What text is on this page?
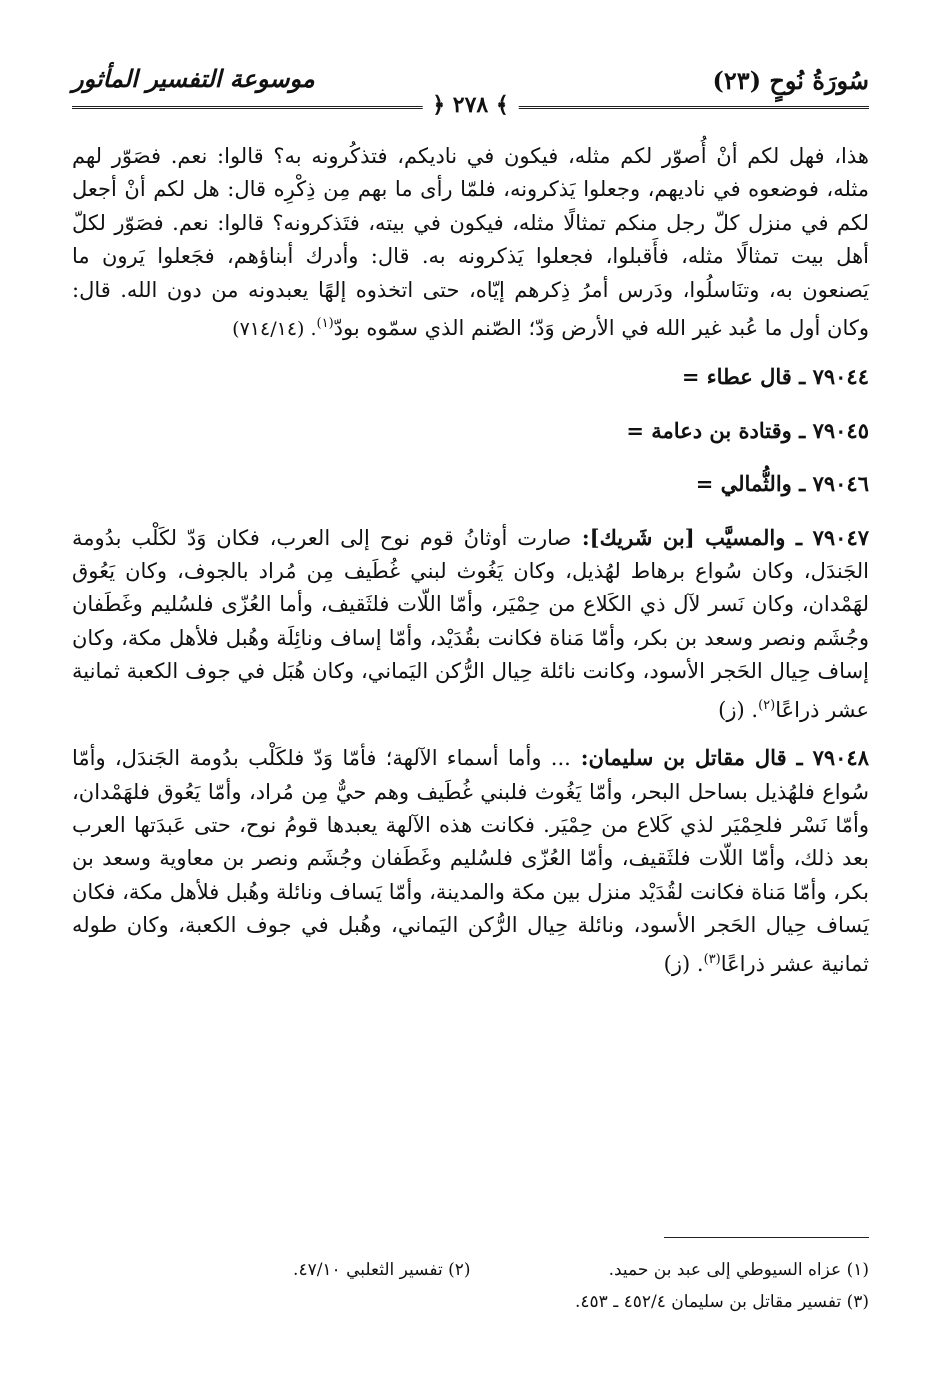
سُورَةُ نُوحٍ (٢٣)
موسوعة التفسير المأثور
﴾ ٢٧٨ ﴿

هذا، فهل لكم أنْ أُصوّر لكم مثله، فيكون في ناديكم، فتذكُرونه به؟ قالوا: نعم. فصَوّر لهم مثله، فوضعوه في ناديهم، وجعلوا يَذكرونه، فلمّا رأى ما بهم مِن ذِكْرِه قال: هل لكم أنْ أجعل لكم في منزل كلّ رجل منكم تمثالًا مثله، فيكون في بيته، فتَذكرونه؟ قالوا: نعم. فصَوّر لكلّ أهل بيت تمثالًا مثله، فأَقبلوا، فجعلوا يَذكرونه به. قال: وأدرك أبناؤهم، فجَعلوا يَرون ما يَصنعون به، وتنَاسلُوا، ودَرس أمرُ ذِكرهم إيّاه، حتى اتخذوه إلهًا يعبدونه من دون الله. قال: وكان أول ما عُبد غير الله في الأرض وَدّ؛ الصّنم الذي سمّوه بودّ$^{(١)}$. (٧١٤/١٤)

٧٩٠٤٤ ـ قال عطاء =

٧٩٠٤٥ ـ وقتادة بن دعامة =

٧٩٠٤٦ ـ والثُّمالي =

٧٩٠٤٧ ـ والمسيَّب [بن شَريك]: صارت أوثانُ قوم نوح إلى العرب، فكان وَدّ لكَلْب بدُومة الجَندَل، وكان سُواع برهاط لهُذيل، وكان يَغُوث لبني غُطَيف مِن مُراد بالجوف، وكان يَعُوق لهَمْدان، وكان نَسر لآل ذي الكَلاع من حِمْيَر، وأمّا اللّات فلثَقيف، وأما العُزّى فلسُليم وغَطَفان وجُشَم ونصر وسعد بن بكر، وأمّا مَناة فكانت بقُدَيْد، وأمّا إساف ونائِلَة وهُبل فلأهل مكة، وكان إساف حِيال الحَجر الأسود، وكانت نائلة حِيال الرُّكن اليَماني، وكان هُبَل في جوف الكعبة ثمانية عشر ذراعًا$^{(٢)}$. (ز)

٧٩٠٤٨ ـ قال مقاتل بن سليمان: ... وأما أسماء الآلهة؛ فأمّا وَدّ فلكَلْب بدُومة الجَندَل، وأمّا سُواع فلهُذيل بساحل البحر، وأمّا يَغُوث فلبني غُطَيف وهم حيٌّ مِن مُراد، وأمّا يَعُوق فلهَمْدان، وأمّا نَسْر فلحِمْيَر لذي كَلاع من حِمْيَر. فكانت هذه الآلهة يعبدها قومُ نوح، حتى عَبدَتها العرب بعد ذلك، وأمّا اللّات فلثَقيف، وأمّا العُزّى فلسُليم وغَطَفان وجُشَم ونصر بن معاوية وسعد بن بكر، وأمّا مَناة فكانت لقُدَيْد منزل بين مكة والمدينة، وأمّا يَساف ونائلة وهُبل فلأهل مكة، فكان يَساف حِيال الحَجر الأسود، ونائلة حِيال الرُّكن اليَماني، وهُبل في جوف الكعبة، وكان طوله ثمانية عشر ذراعًا$^{(٣)}$. (ز)

(١) عزاه السيوطي إلى عبد بن حميد.
(٢) تفسير الثعلبي ٤٧/١٠.
(٣) تفسير مقاتل بن سليمان ٤٥٢/٤ ـ ٤٥٣.
